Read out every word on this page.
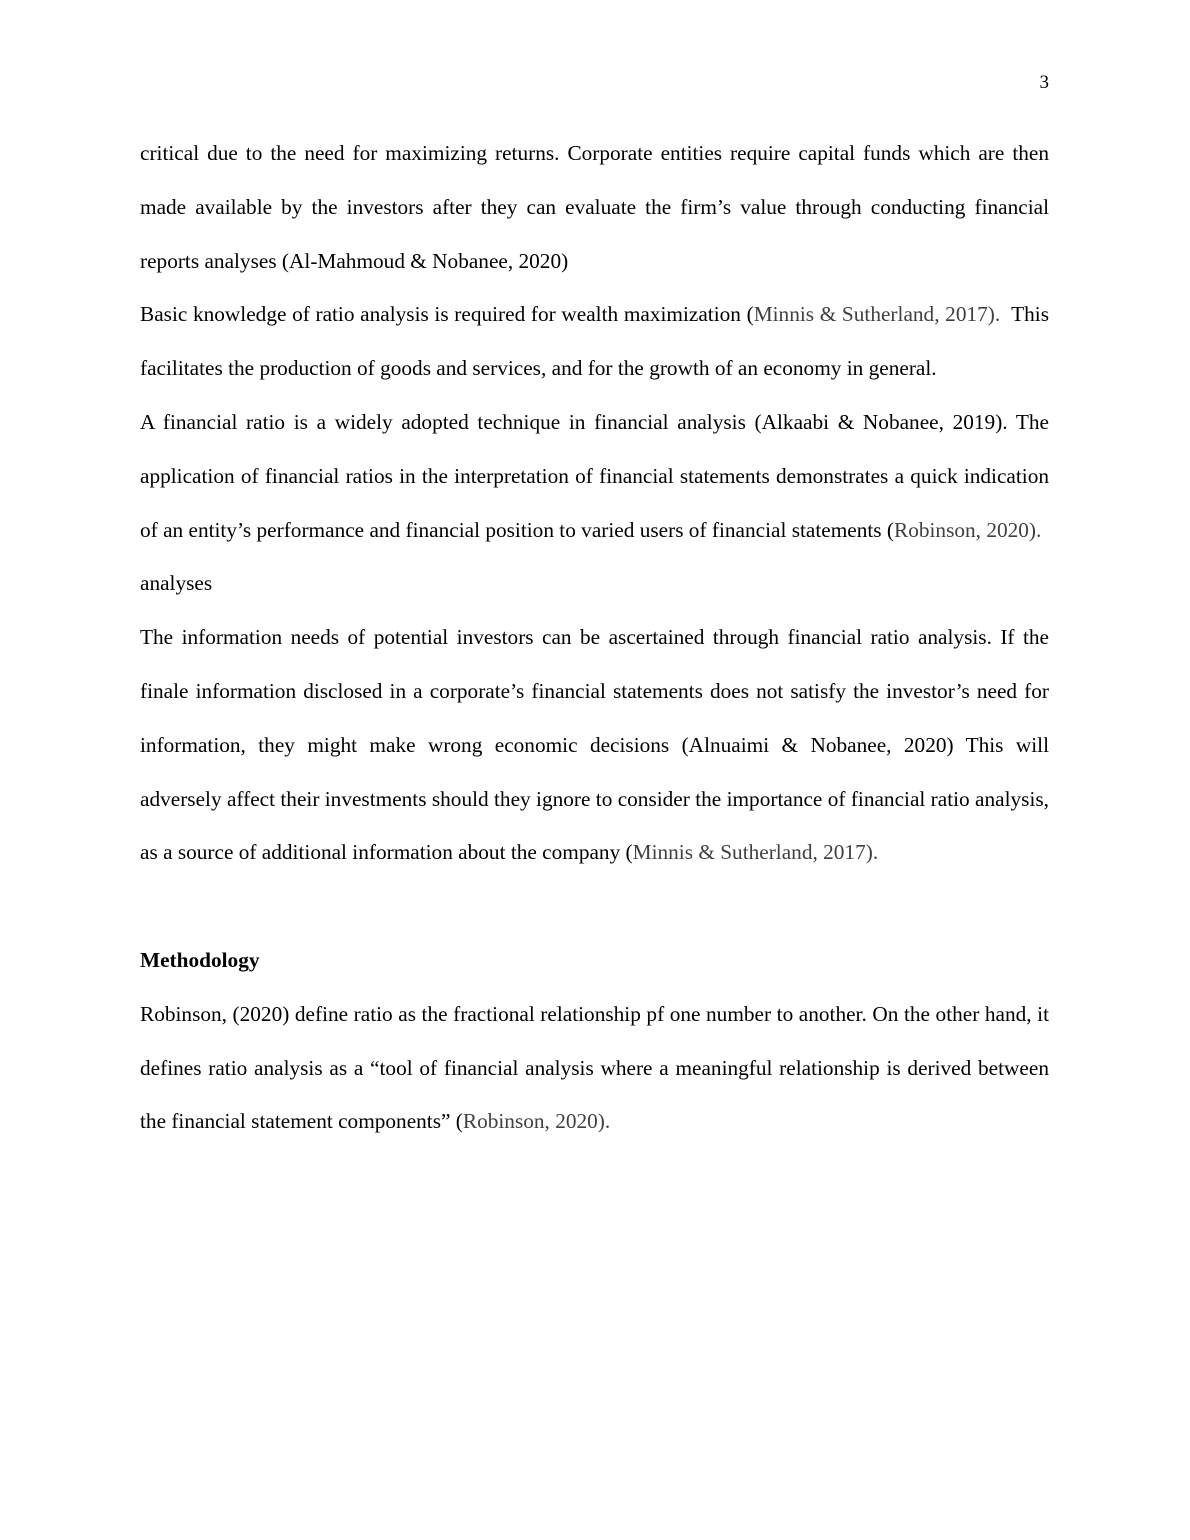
3

critical due to the need for maximizing returns. Corporate entities require capital funds which are then made available by the investors after they can evaluate the firm’s value through conducting financial reports analyses (Al-Mahmoud & Nobanee, 2020)

Basic knowledge of ratio analysis is required for wealth maximization (Minnis & Sutherland, 2017).  This facilitates the production of goods and services, and for the growth of an economy in general.

A financial ratio is a widely adopted technique in financial analysis (Alkaabi & Nobanee, 2019). The application of financial ratios in the interpretation of financial statements demonstrates a quick indication of an entity’s performance and financial position to varied users of financial statements (Robinson, 2020).

analyses

The information needs of potential investors can be ascertained through financial ratio analysis. If the finale information disclosed in a corporate’s financial statements does not satisfy the investor’s need for information, they might make wrong economic decisions (Alnuaimi & Nobanee, 2020) This will adversely affect their investments should they ignore to consider the importance of financial ratio analysis, as a source of additional information about the company (Minnis & Sutherland, 2017).

Methodology

Robinson, (2020) define ratio as the fractional relationship pf one number to another. On the other hand, it defines ratio analysis as a “tool of financial analysis where a meaningful relationship is derived between the financial statement components” (Robinson, 2020).
